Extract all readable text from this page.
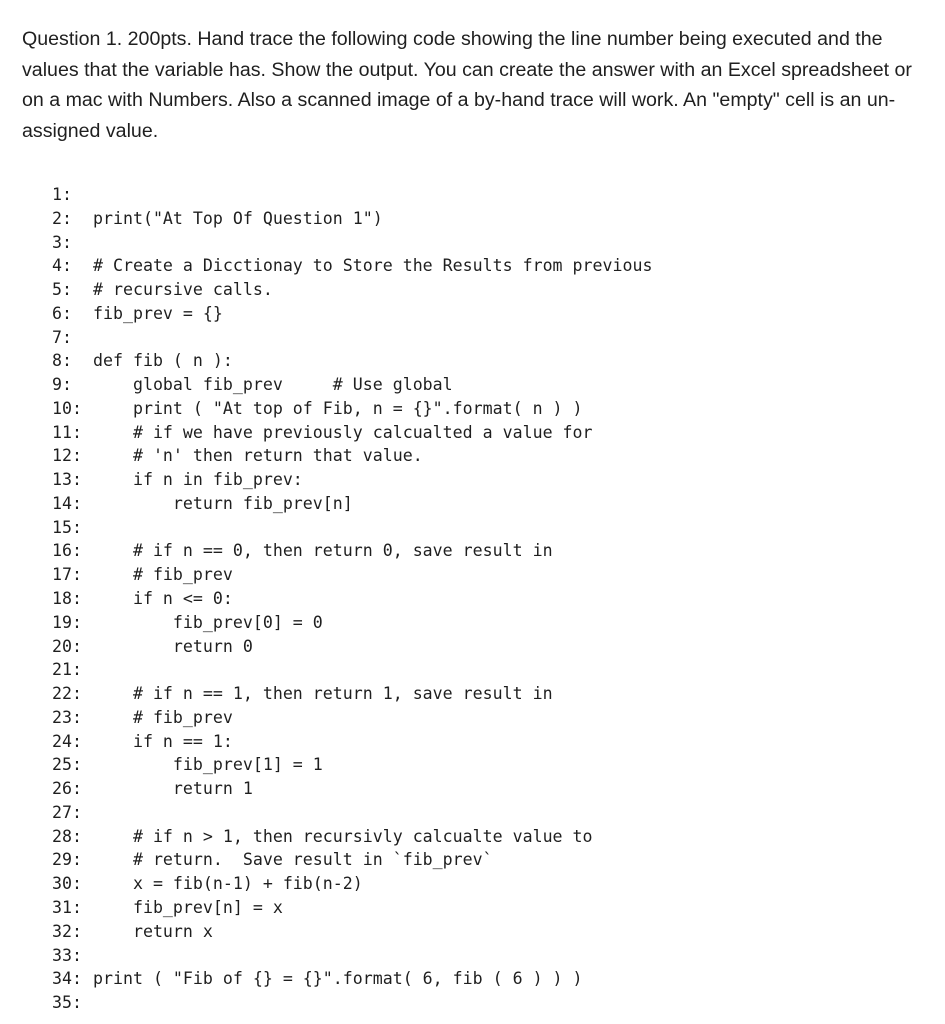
Question 1. 200pts. Hand trace the following code showing the line number being executed and the values that the variable has. Show the output. You can create the answer with an Excel spreadsheet or on a mac with Numbers. Also a scanned image of a by-hand trace will work. An "empty" cell is an un-assigned value.

1:
2:	print("At Top Of Question 1")
3:
4:	# Create a Dicctionay to Store the Results from previous
5:	# recursive calls.
6:	fib_prev = {}
7:
8:	def fib ( n ):
9:	global fib_prev     # Use global
10: print ( "At top of Fib, n = {}".format( n ) )
11: # if we have previously calcualted a value for
12: # 'n' then return that value.
13: if n in fib_prev:
14: return fib_prev[n]
15:
16: # if n == 0, then return 0, save result in
17: # fib_prev
18: if n <= 0:
19: fib_prev[0] = 0
20: return 0
21:
22: # if n == 1, then return 1, save result in
23: # fib_prev
24: if n == 1:
25: fib_prev[1] = 1
26: return 1
27:
28: # if n > 1, then recursivly calcualte value to
29: # return.  Save result in `fib_prev`
30: x = fib(n-1) + fib(n-2)
31: fib_prev[n] = x
32: return x
33:
34: print ( "Fib of {} = {}".format( 6, fib ( 6 ) ) )
35:
